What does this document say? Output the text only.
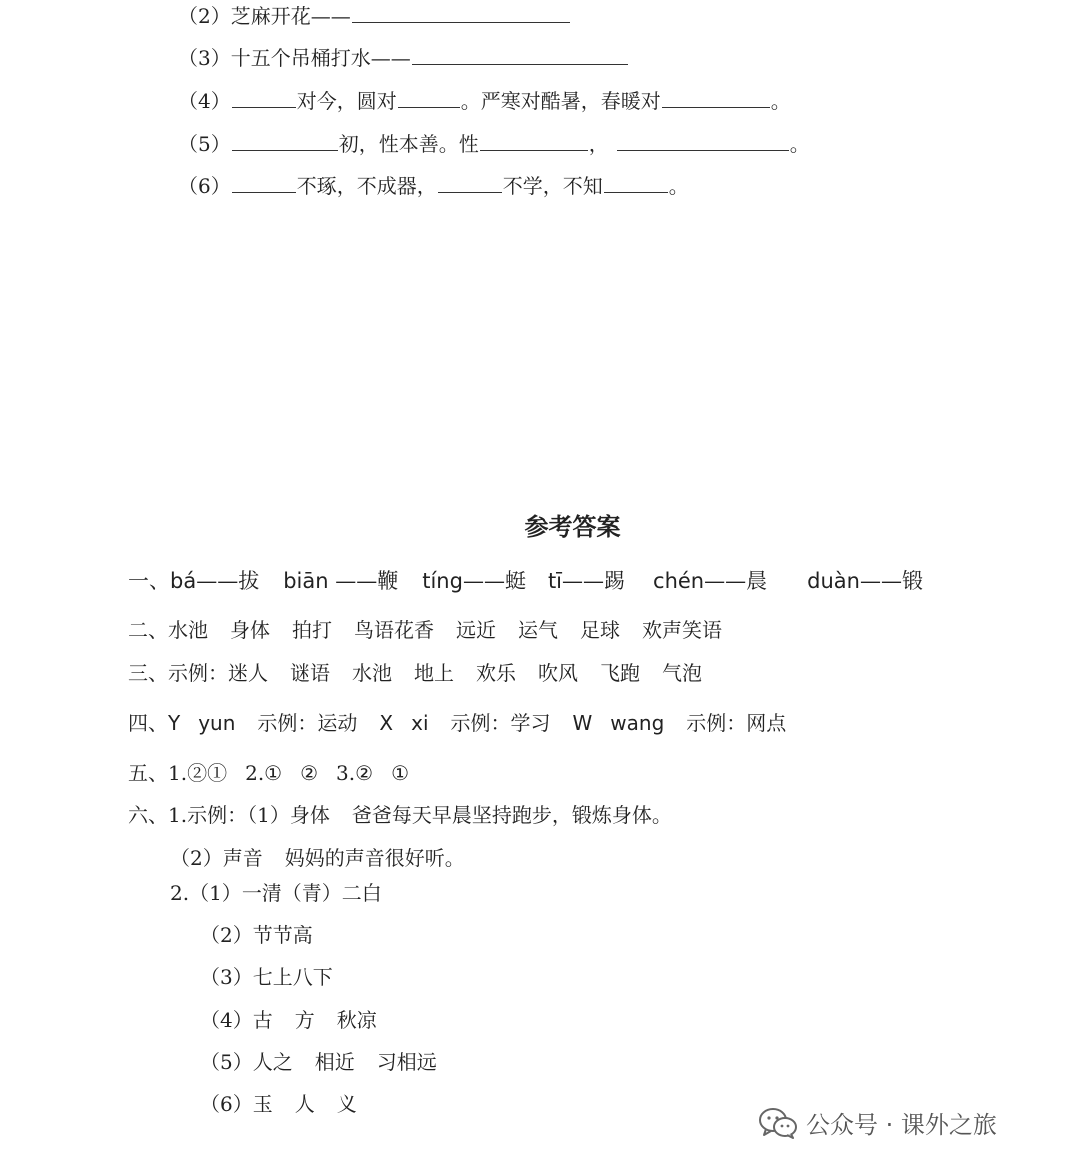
（2）芝麻开花——
（3）十五个吊桶打水——
（4）	对今，圆对	。严寒对酷暑，春暖对	。
（5）	初，性本善。性	，	。
（6）	不琢，不成器，	不学，不知	。
参考答案
一、bá——拔 biān ——鞭 tíng——蜓 tī——踢 chén——晨 duàn——锻
二、水池 身体 拍打 鸟语花香 远近 运气 足球 欢声笑语
三、示例：迷人 谜语 水池 地上 欢乐 吹风 飞跑 气泡
四、Y yun 示例：运动 X xi 示例：学习 W wang 示例：网点
五、1.②① 2.① ② 3.② ①
六、1.示例：（1）身体 爸爸每天早晨坚持跑步，锻炼身体。
（2）声音 妈妈的声音很好听。
2.（1）一清（青）二白
（2）节节高
（3）七上八下
（4）古 方 秋凉
（5）人之 相近 习相远
（6）玉 人 义
公众号 · 课外之旅
